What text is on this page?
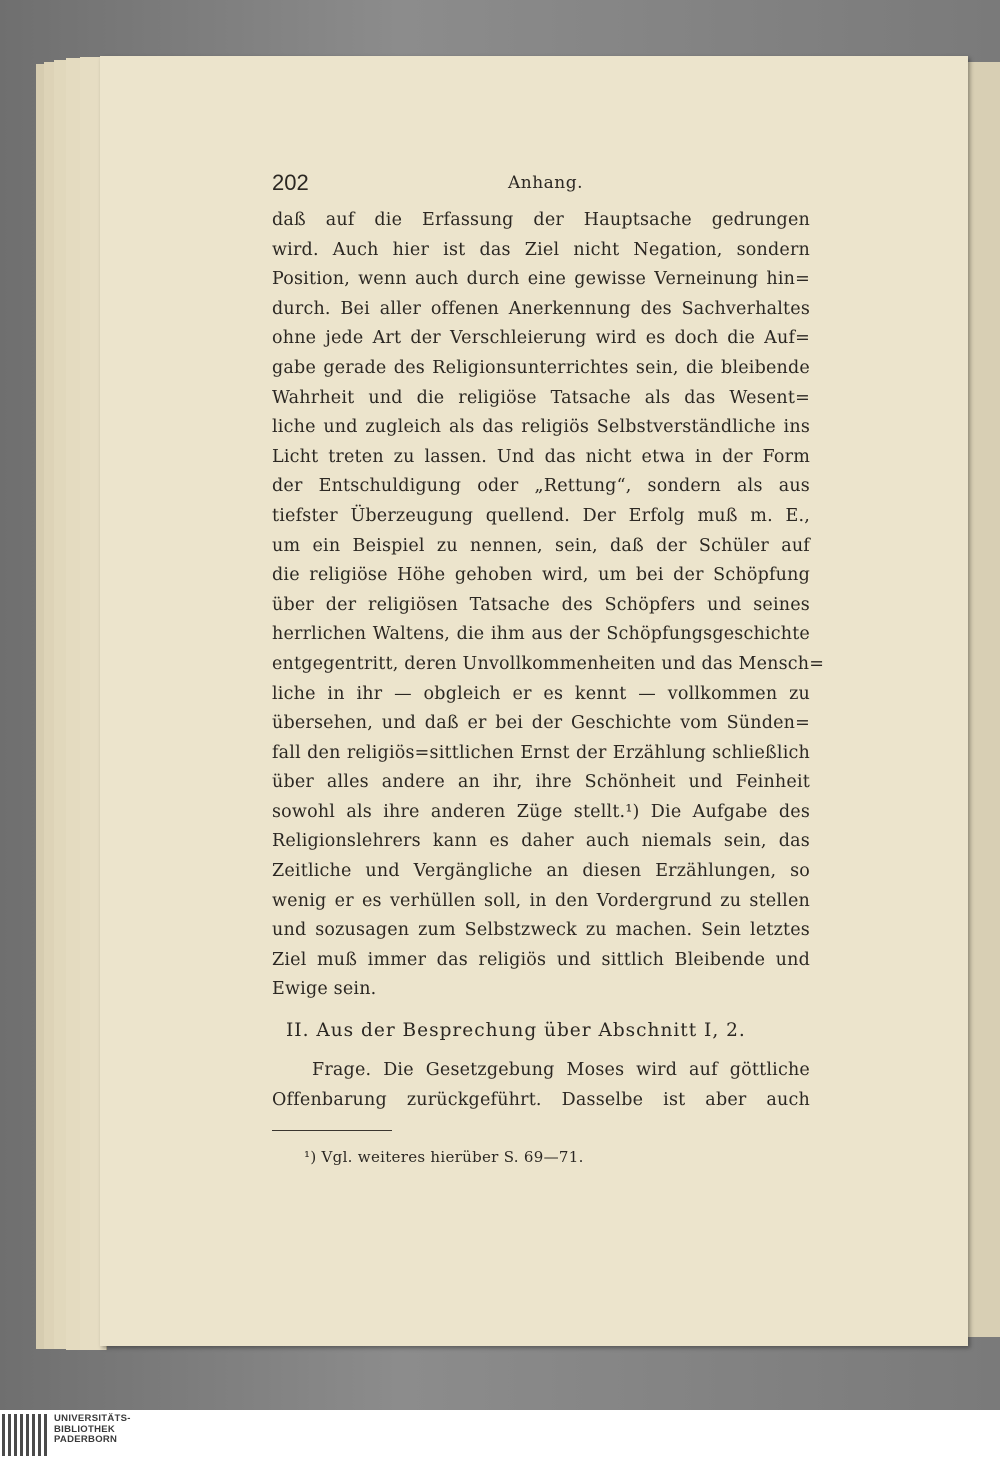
202	Anhang.
daß auf die Erfassung der Hauptsache gedrungen
wird. Auch hier ist das Ziel nicht Negation, sondern
Position, wenn auch durch eine gewisse Verneinung hin=
durch. Bei aller offenen Anerkennung des Sachverhaltes
ohne jede Art der Verschleierung wird es doch die Auf=
gabe gerade des Religionsunterrichtes sein, die bleibende
Wahrheit und die religiöse Tatsache als das Wesent=
liche und zugleich als das religiös Selbstverständliche ins
Licht treten zu lassen. Und das nicht etwa in der Form
der Entschuldigung oder „Rettung“, sondern als aus
tiefster Überzeugung quellend. Der Erfolg muß m. E.,
um ein Beispiel zu nennen, sein, daß der Schüler auf
die religiöse Höhe gehoben wird, um bei der Schöpfung
über der religiösen Tatsache des Schöpfers und seines
herrlichen Waltens, die ihm aus der Schöpfungsgeschichte
entgegentritt, deren Unvollkommenheiten und das Mensch=
liche in ihr — obgleich er es kennt — vollkommen zu
übersehen, und daß er bei der Geschichte vom Sünden=
fall den religiös=sittlichen Ernst der Erzählung schließlich
über alles andere an ihr, ihre Schönheit und Feinheit
sowohl als ihre anderen Züge stellt.¹) Die Aufgabe des
Religionslehrers kann es daher auch niemals sein, das
Zeitliche und Vergängliche an diesen Erzählungen, so
wenig er es verhüllen soll, in den Vordergrund zu stellen
und sozusagen zum Selbstzweck zu machen. Sein letztes
Ziel muß immer das religiös und sittlich Bleibende und
Ewige sein.
II. Aus der Besprechung über Abschnitt I, 2.
Frage. Die Gesetzgebung Moses wird auf göttliche
Offenbarung zurückgeführt. Dasselbe ist aber auch
¹) Vgl. weiteres hierüber S. 69—71.
UNIVERSITÄTS-
BIBLIOTHEK
PADERBORN
